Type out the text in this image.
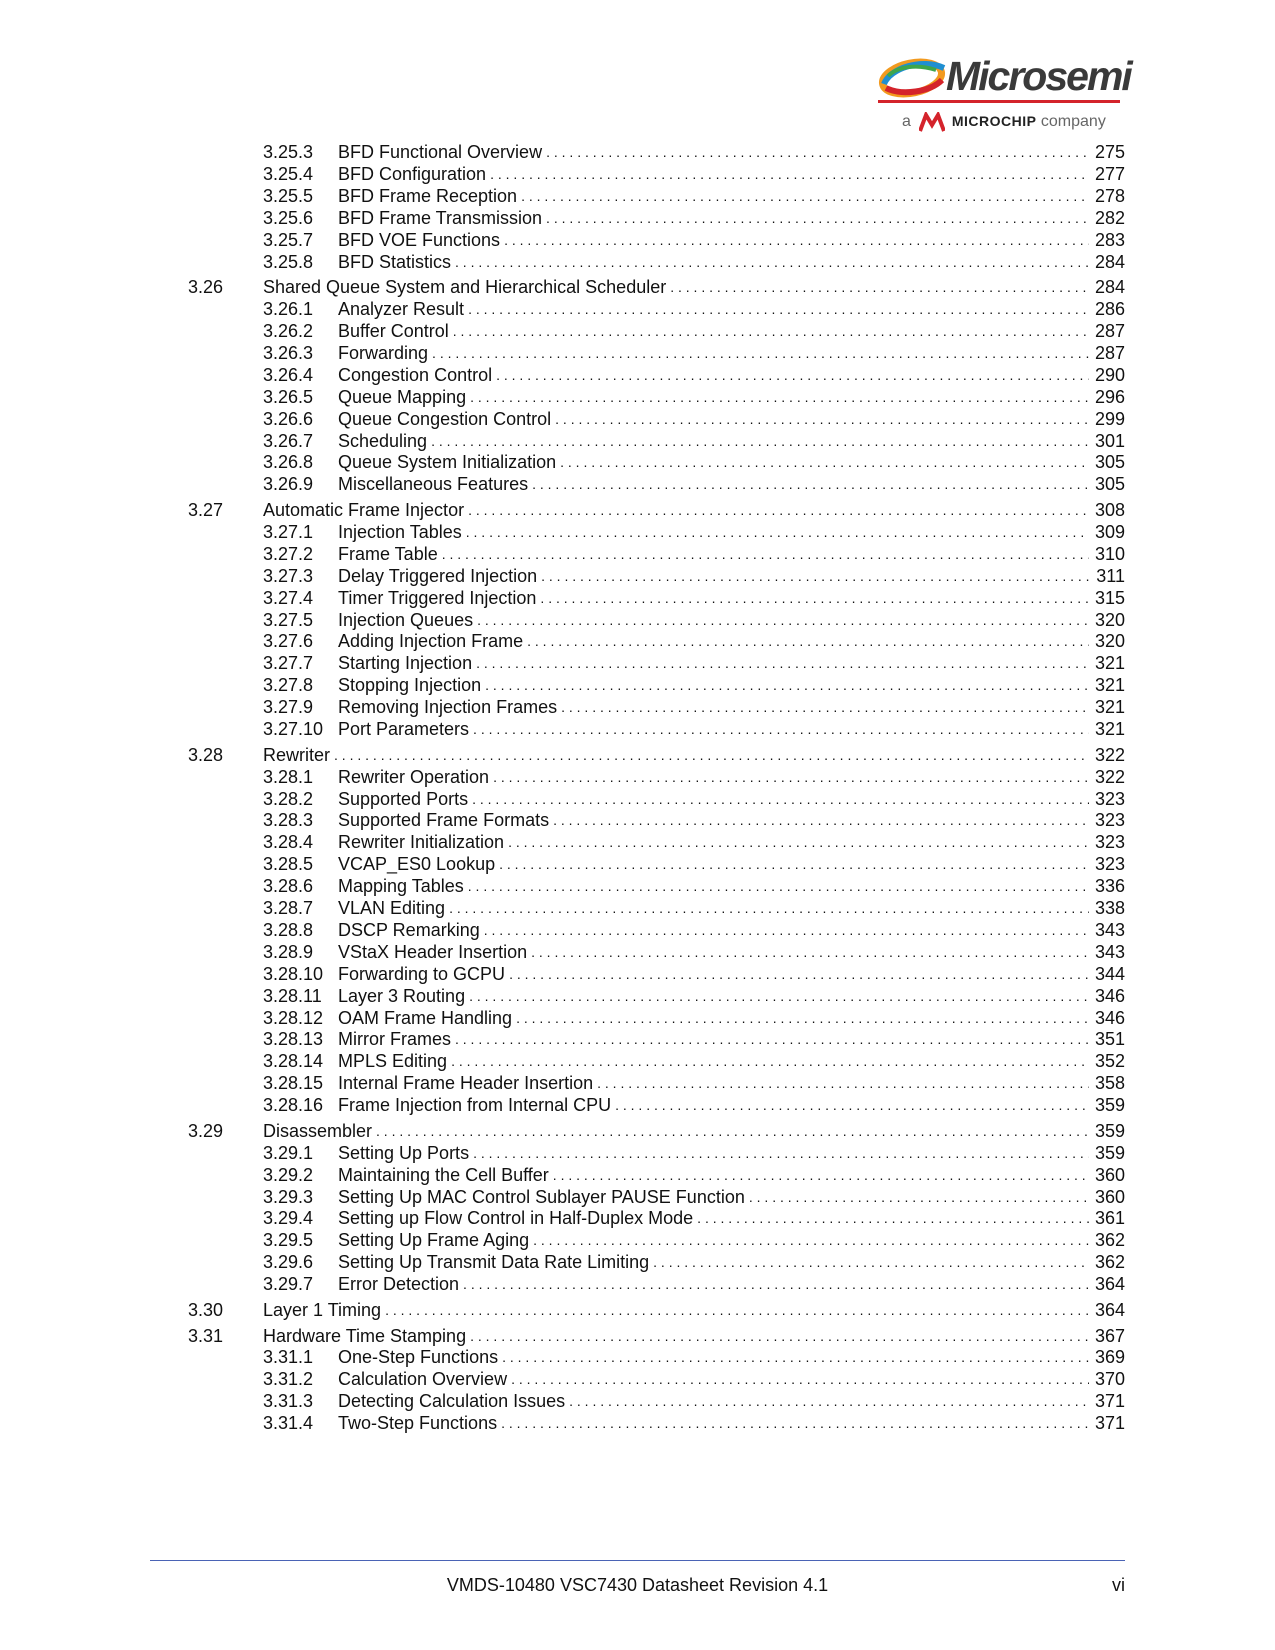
Microsemi
a	MICROCHIP company
3.25.3	BFD Functional Overview . . .	275
3.25.4	BFD Configuration . . .	277
3.25.5	BFD Frame Reception . . .	278
3.25.6	BFD Frame Transmission . . .	282
3.25.7	BFD VOE Functions . . .	283
3.25.8	BFD Statistics . . .	284
3.26	Shared Queue System and Hierarchical Scheduler . . .	284
3.26.1	Analyzer Result . . .	286
3.26.2	Buffer Control . . .	287
3.26.3	Forwarding . . .	287
3.26.4	Congestion Control . . .	290
3.26.5	Queue Mapping . . .	296
3.26.6	Queue Congestion Control . . .	299
3.26.7	Scheduling . . .	301
3.26.8	Queue System Initialization . . .	305
3.26.9	Miscellaneous Features . . .	305
3.27	Automatic Frame Injector . . .	308
3.27.1	Injection Tables . . .	309
3.27.2	Frame Table . . .	310
3.27.3	Delay Triggered Injection . . .	311
3.27.4	Timer Triggered Injection . . .	315
3.27.5	Injection Queues . . .	320
3.27.6	Adding Injection Frame . . .	320
3.27.7	Starting Injection . . .	321
3.27.8	Stopping Injection . . .	321
3.27.9	Removing Injection Frames . . .	321
3.27.10 Port Parameters . . .	321
3.28	Rewriter . . .	322
3.28.1	Rewriter Operation . . .	322
3.28.2	Supported Ports . . .	323
3.28.3	Supported Frame Formats . . .	323
3.28.4	Rewriter Initialization . . .	323
3.28.5	VCAP_ES0 Lookup . . .	323
3.28.6	Mapping Tables . . .	336
3.28.7	VLAN Editing . . .	338
3.28.8	DSCP Remarking . . .	343
3.28.9	VStaX Header Insertion . . .	343
3.28.10 Forwarding to GCPU . . .	344
3.28.11 Layer 3 Routing . . .	346
3.28.12 OAM Frame Handling . . .	346
3.28.13 Mirror Frames . . .	351
3.28.14 MPLS Editing . . .	352
3.28.15 Internal Frame Header Insertion . . .	358
3.28.16 Frame Injection from Internal CPU . . .	359
3.29	Disassembler . . .	359
3.29.1	Setting Up Ports . . .	359
3.29.2	Maintaining the Cell Buffer . . .	360
3.29.3	Setting Up MAC Control Sublayer PAUSE Function . . .	360
3.29.4	Setting up Flow Control in Half-Duplex Mode . . .	361
3.29.5	Setting Up Frame Aging . . .	362
3.29.6	Setting Up Transmit Data Rate Limiting . . .	362
3.29.7	Error Detection . . .	364
3.30	Layer 1 Timing . . .	364
3.31	Hardware Time Stamping . . .	367
3.31.1	One-Step Functions . . .	369
3.31.2	Calculation Overview . . .	370
3.31.3	Detecting Calculation Issues . . .	371
3.31.4	Two-Step Functions . . .	371
VMDS-10480 VSC7430 Datasheet Revision 4.1	vi
